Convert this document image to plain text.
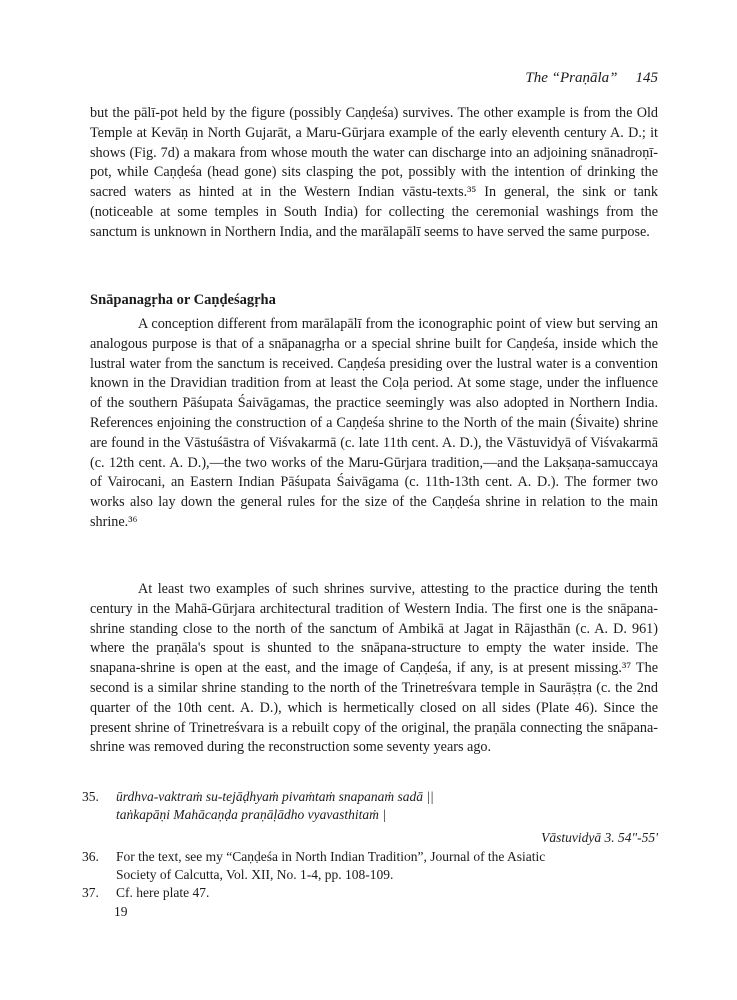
The “Praṇāla” 145

but the pālī-pot held by the figure (possibly Caṇḍeśa) survives. The other example is from the Old Temple at Kevāṇ in North Gujarāt, a Maru-Gūrjara example of the early eleventh century A. D.; it shows (Fig. 7d) a makara from whose mouth the water can discharge into an adjoining snānadroṇī-pot, while Caṇḍeśa (head gone) sits clasping the pot, possibly with the intention of drinking the sacred waters as hinted at in the Western Indian vāstu-texts.³⁵ In general, the sink or tank (noticeable at some temples in South India) for collecting the ceremonial washings from the sanctum is unknown in Northern India, and the marālapālī seems to have served the same purpose.

Snāpanagṛha or Caṇḍeśagṛha

A conception different from marālapālī from the iconographic point of view but serving an analogous purpose is that of a snāpanagṛha or a special shrine built for Caṇḍeśa, inside which the lustral water from the sanctum is received. Caṇḍeśa presiding over the lustral water is a convention known in the Dravidian tradition from at least the Coḷa period. At some stage, under the influence of the southern Pāśupata Śaivāgamas, the practice seemingly was also adopted in Northern India. References enjoining the construction of a Caṇḍeśa shrine to the North of the main (Śivaite) shrine are found in the Vāstuśāstra of Viśvakarmā (c. late 11th cent. A. D.), the Vāstuvidyā of Viśvakarmā (c. 12th cent. A. D.),—the two works of the Maru-Gūrjara tradition,—and the Lakṣaṇa-samuccaya of Vairocani, an Eastern Indian Pāśupata Śaivāgama (c. 11th-13th cent. A. D.). The former two works also lay down the general rules for the size of the Caṇḍeśa shrine in relation to the main shrine.³⁶

At least two examples of such shrines survive, attesting to the practice during the tenth century in the Mahā-Gūrjara architectural tradition of Western India. The first one is the snāpana-shrine standing close to the north of the sanctum of Ambikā at Jagat in Rājasthān (c. A. D. 961) where the praṇāla's spout is shunted to the snāpana-structure to empty the water inside. The snapana-shrine is open at the east, and the image of Caṇḍeśa, if any, is at present missing.³⁷ The second is a similar shrine standing to the north of the Trinetreśvara temple in Saurāṣṭra (c. the 2nd quarter of the 10th cent. A. D.), which is hermetically closed on all sides (Plate 46). Since the present shrine of Trinetreśvara is a rebuilt copy of the original, the praṇāla connecting the snāpana-shrine was removed during the reconstruction some seventy years ago.

35.	ūrdhva-vaktraṁ su-tejāḍhyaṁ pivaṁtaṁ snapanaṁ sadā ||
taṅkapāṇi Mahācaṇḍa praṇāḷādho vyavasthitaṁ |
Vāstuvidyā 3. 54"-55'
36.	For the text, see my “Caṇḍeśa in North Indian Tradition”, Journal of the Asiatic
Society of Calcutta, Vol. XII, No. 1-4, pp. 108-109.
37.	Cf. here plate 47.
19
